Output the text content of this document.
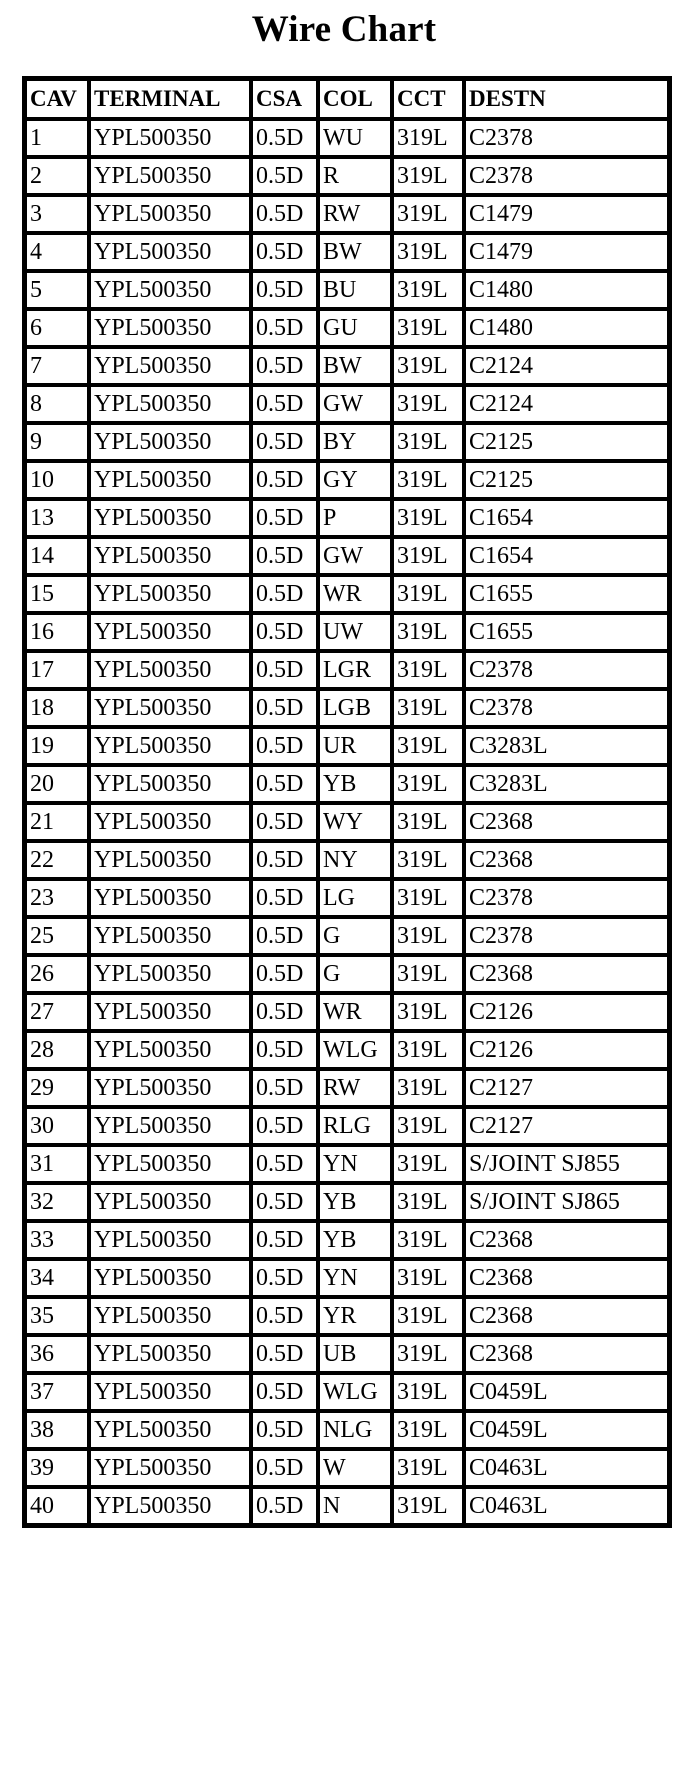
Wire Chart
CAV	TERMINAL	CSA	COL	CCT	DESTN
1	YPL500350	0.5D	WU	319L	C2378
2	YPL500350	0.5D	R	319L	C2378
3	YPL500350	0.5D	RW	319L	C1479
4	YPL500350	0.5D	BW	319L	C1479
5	YPL500350	0.5D	BU	319L	C1480
6	YPL500350	0.5D	GU	319L	C1480
7	YPL500350	0.5D	BW	319L	C2124
8	YPL500350	0.5D	GW	319L	C2124
9	YPL500350	0.5D	BY	319L	C2125
10	YPL500350	0.5D	GY	319L	C2125
13	YPL500350	0.5D	P	319L	C1654
14	YPL500350	0.5D	GW	319L	C1654
15	YPL500350	0.5D	WR	319L	C1655
16	YPL500350	0.5D	UW	319L	C1655
17	YPL500350	0.5D	LGR	319L	C2378
18	YPL500350	0.5D	LGB	319L	C2378
19	YPL500350	0.5D	UR	319L	C3283L
20	YPL500350	0.5D	YB	319L	C3283L
21	YPL500350	0.5D	WY	319L	C2368
22	YPL500350	0.5D	NY	319L	C2368
23	YPL500350	0.5D	LG	319L	C2378
25	YPL500350	0.5D	G	319L	C2378
26	YPL500350	0.5D	G	319L	C2368
27	YPL500350	0.5D	WR	319L	C2126
28	YPL500350	0.5D	WLG	319L	C2126
29	YPL500350	0.5D	RW	319L	C2127
30	YPL500350	0.5D	RLG	319L	C2127
31	YPL500350	0.5D	YN	319L	S/JOINT SJ855
32	YPL500350	0.5D	YB	319L	S/JOINT SJ865
33	YPL500350	0.5D	YB	319L	C2368
34	YPL500350	0.5D	YN	319L	C2368
35	YPL500350	0.5D	YR	319L	C2368
36	YPL500350	0.5D	UB	319L	C2368
37	YPL500350	0.5D	WLG	319L	C0459L
38	YPL500350	0.5D	NLG	319L	C0459L
39	YPL500350	0.5D	W	319L	C0463L
40	YPL500350	0.5D	N	319L	C0463L
